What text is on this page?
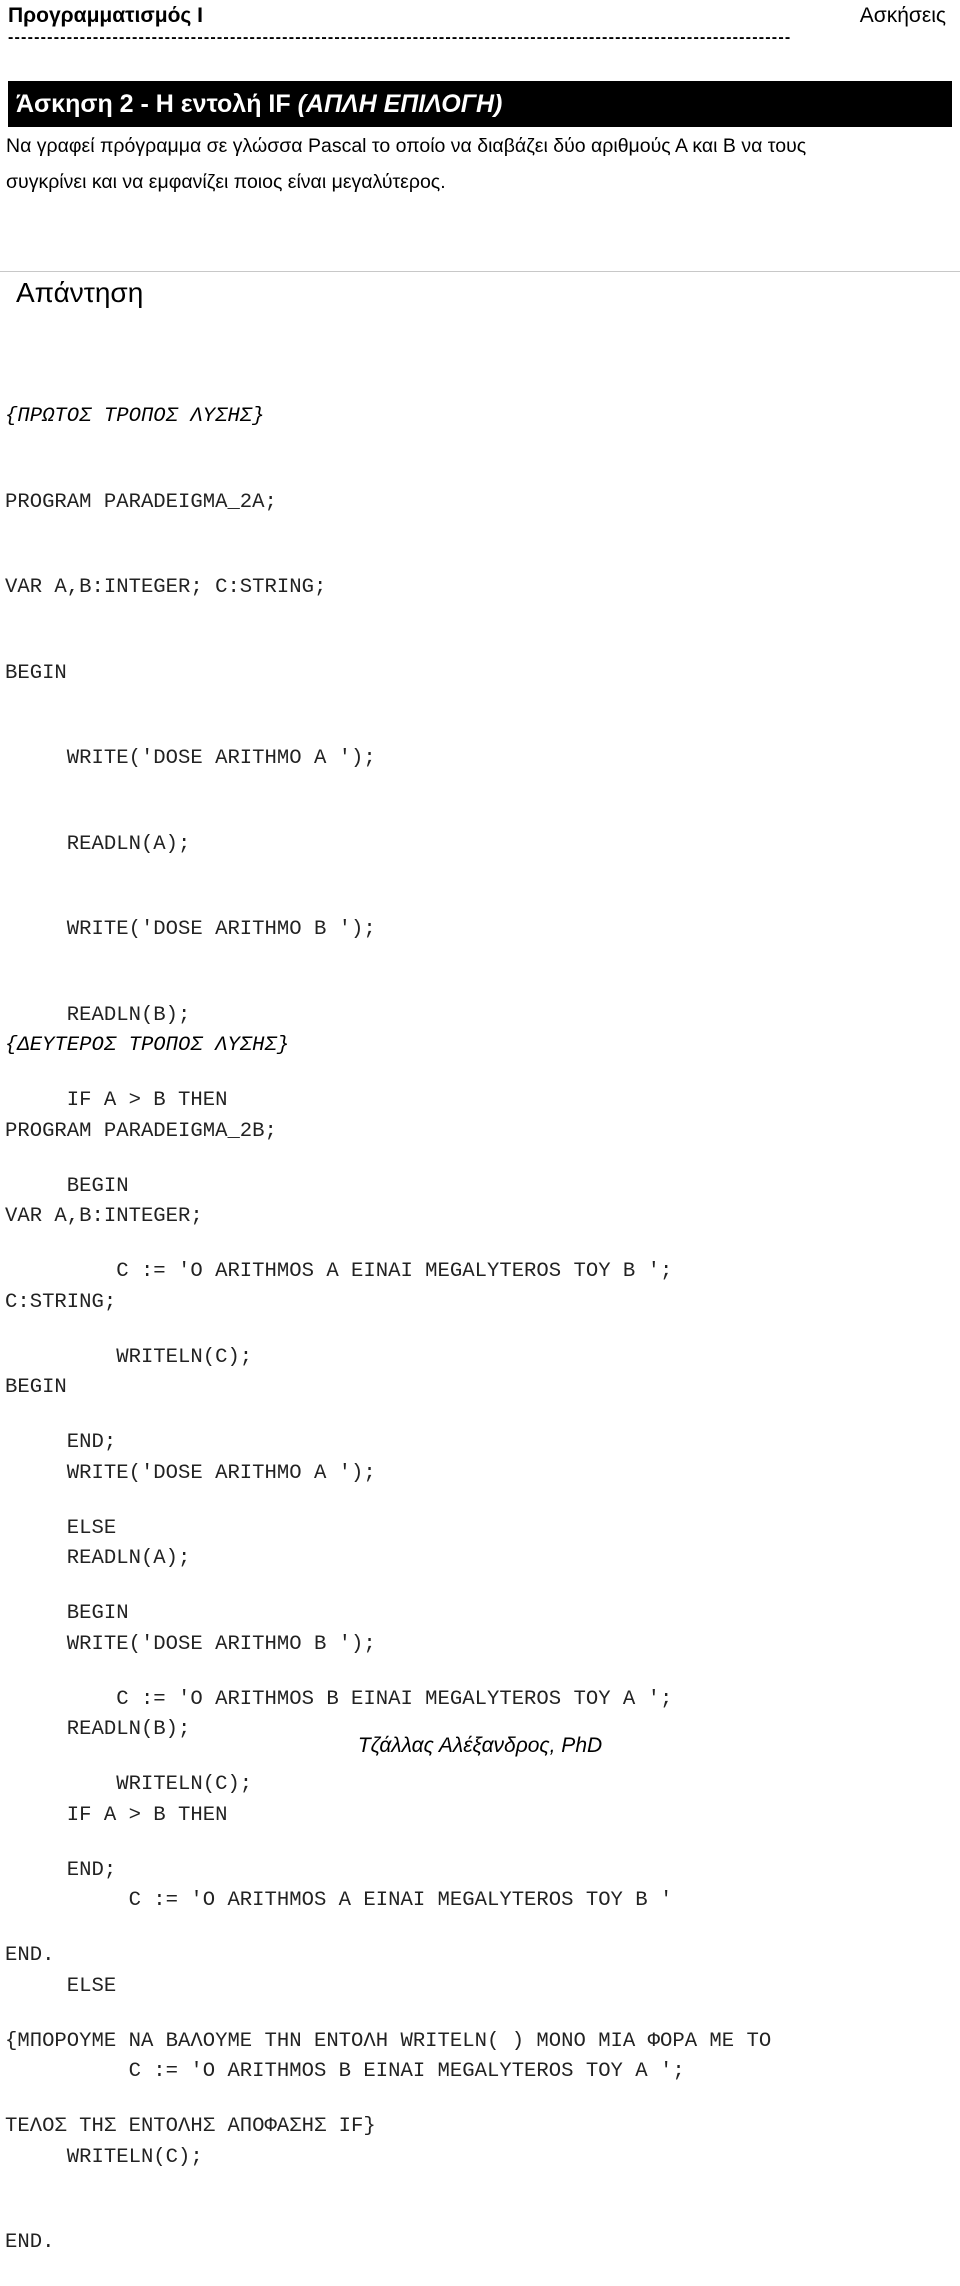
Προγραμματισμός Ι	Ασκήσεις
------------------------------------------------------------------------------------------------------------------------
Άσκηση 2 - Η εντολή IF (ΑΠΛΗ ΕΠΙΛΟΓΗ)

Να γραφεί πρόγραμμα σε γλώσσα Pascal το οποίο να διαβάζει δύο αριθμούς Α και Β να τους

συγκρίνει και να εμφανίζει ποιος είναι μεγαλύτερος.

Απάντηση

{ΠΡΩΤΟΣ ΤΡΟΠΟΣ ΛΥΣΗΣ}

PROGRAM PARADEIGMA_2A;

VAR A,B:INTEGER; C:STRING;

BEGIN

WRITE('DOSE ARITHMO A ');

READLN(A);

WRITE('DOSE ARITHMO B ');

READLN(B);

IF A > B THEN

BEGIN

C := 'O ARITHMOS A EINAI MEGALYTEROS TOY B ';

WRITELN(C);

END;

ELSE

BEGIN

C := 'O ARITHMOS B EINAI MEGALYTEROS TOY A ';

WRITELN(C);

END;

END.

{ΜΠΟΡΟΥΜΕ ΝΑ ΒΑΛΟΥΜΕ ΤΗΝ ΕΝΤΟΛΗ WRITELN( ) ΜΟΝΟ ΜΙΑ ΦΟΡΑ ΜΕ ΤΟ

ΤΕΛΟΣ ΤΗΣ ΕΝΤΟΛΗΣ ΑΠΟΦΑΣΗΣ IF}

{ΔΕΥΤΕΡΟΣ ΤΡΟΠΟΣ ΛΥΣΗΣ}

PROGRAM PARADEIGMA_2B;

VAR A,B:INTEGER;

C:STRING;

BEGIN

WRITE('DOSE ARITHMO A ');

READLN(A);

WRITE('DOSE ARITHMO B ');

READLN(B);

IF A > B THEN

C := 'O ARITHMOS A EINAI MEGALYTEROS TOY B '

ELSE

C := 'O ARITHMOS B EINAI MEGALYTEROS TOY A ';

WRITELN(C);

END.

Τζάλλας Αλέξανδρος, PhD
